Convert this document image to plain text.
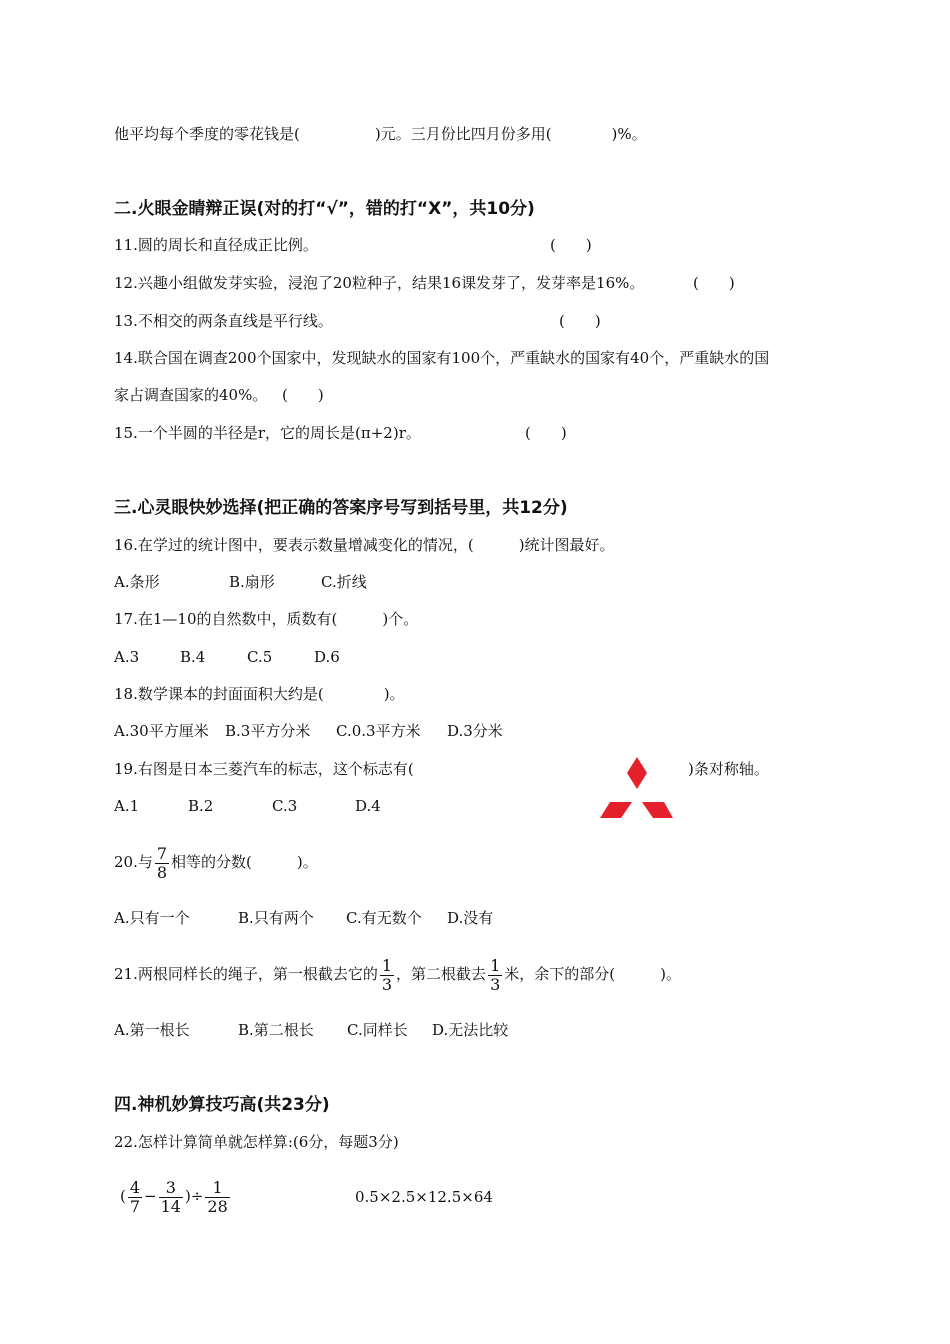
他平均每个季度的零花钱是(　　　　　)元。三月份比四月份多用(　　　　)%。
二.火眼金睛辩正误(对的打“√”，错的打“X”，共10分)
11.圆的周长和直径成正比例。	(　　)
12.兴趣小组做发芽实验，浸泡了20粒种子，结果16课发芽了，发芽率是16%。	(　　)
13.不相交的两条直线是平行线。	(　　)
14.联合国在调查200个国家中，发现缺水的国家有100个，严重缺水的国家有40个，严重缺水的国
家占调查国家的40%。 (　　)
15.一个半圆的半径是r，它的周长是(π+2)r。	(　　)
三.心灵眼快妙选择(把正确的答案序号写到括号里，共12分)
16.在学过的统计图中，要表示数量增减变化的情况，(　　　)统计图最好。
A.条形	B.扇形	C.折线
17.在1—10的自然数中，质数有(　　　)个。
A.3	B.4	C.5	D.6
18.数学课本的封面面积大约是(　　　　)。
A.30平方厘米 B.3平方分米 C.0.3平方米 D.3分米
19.右图是日本三菱汽车的标志，这个标志有(	)条对称轴。
A.1	B.2	C.3	D.4
20.与 $\frac{7}{8}$ 相等的分数(　　　)。
A.只有一个	B.只有两个 C.有无数个 D.没有
21.两根同样长的绳子，第一根截去它的 $\frac{1}{3}$ ，第二根截去 $\frac{1}{3}$ 米，余下的部分(　　　)。
A.第一根长	B.第二根长 C.同样长 D.无法比较
四.神机妙算技巧高(共23分)
22.怎样计算简单就怎样算:(6分，每题3分)
( $\frac{4}{7} - \frac{3}{14}$ )÷ $\frac{1}{28}$	0.5×2.5×12.5×64
